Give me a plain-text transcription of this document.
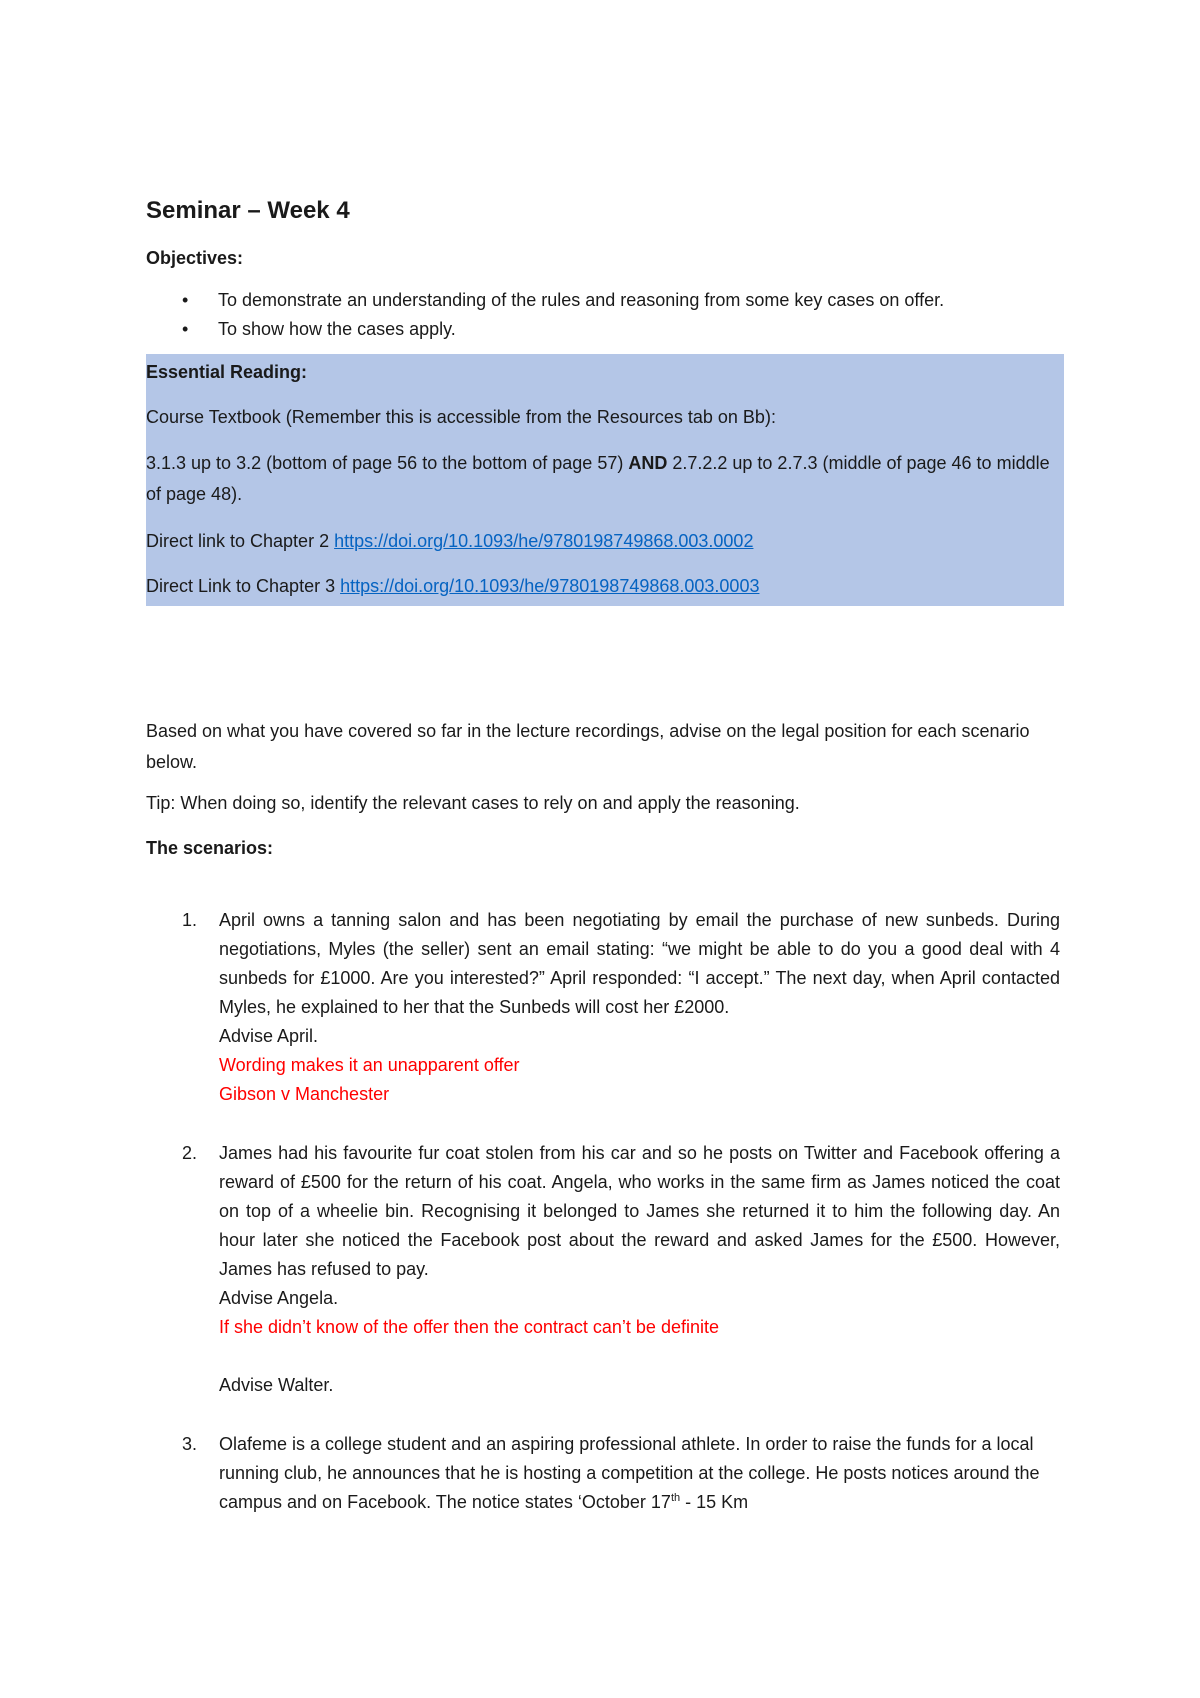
Seminar – Week 4

Objectives:

• To demonstrate an understanding of the rules and reasoning from some key cases on offer.
• To show how the cases apply.

Essential Reading:

Course Textbook (Remember this is accessible from the Resources tab on Bb):

3.1.3 up to 3.2 (bottom of page 56 to the bottom of page 57) AND 2.7.2.2 up to 2.7.3 (middle of page 46 to middle of page 48).

Direct link to Chapter 2 https://doi.org/10.1093/he/9780198749868.003.0002

Direct Link to Chapter 3 https://doi.org/10.1093/he/9780198749868.003.0003

Based on what you have covered so far in the lecture recordings, advise on the legal position for each scenario below.

Tip: When doing so, identify the relevant cases to rely on and apply the reasoning.

The scenarios:

1. April owns a tanning salon and has been negotiating by email the purchase of new sunbeds. During negotiations, Myles (the seller) sent an email stating: “we might be able to do you a good deal with 4 sunbeds for £1000. Are you interested?” April responded: “I accept.” The next day, when April contacted Myles, he explained to her that the Sunbeds will cost her £2000.
Advise April.
Wording makes it an unapparent offer
Gibson v Manchester
2. James had his favourite fur coat stolen from his car and so he posts on Twitter and Facebook offering a reward of £500 for the return of his coat. Angela, who works in the same firm as James noticed the coat on top of a wheelie bin. Recognising it belonged to James she returned it to him the following day. An hour later she noticed the Facebook post about the reward and asked James for the £500. However, James has refused to pay.
Advise Angela.
If she didn’t know of the offer then the contract can’t be definite
Advise Walter.
3. Olafeme is a college student and an aspiring professional athlete. In order to raise the funds for a local running club, he announces that he is hosting a competition at the college. He posts notices around the campus and on Facebook. The notice states ‘October 17th - 15 Km
